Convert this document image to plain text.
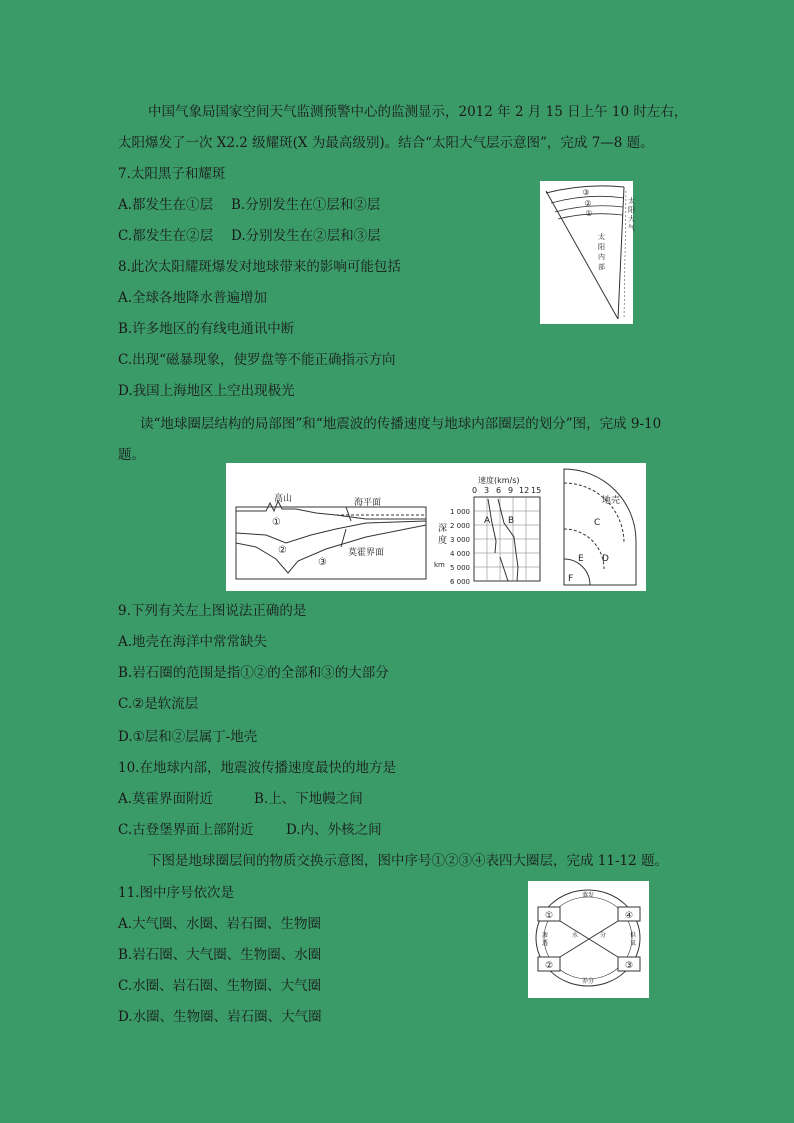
中国气象局国家空间天气监测预警中心的监测显示，2012 年 2 月 15 日上午 10 时左右，
太阳爆发了一次 X2.2 级耀斑(X 为最高级别)。结合“太阳大气层示意图”，完成 7—8 题。
7.太阳黑子和耀斑
A.都发生在①层 B.分别发生在①层和②层
C.都发生在②层 D.分别发生在②层和③层
8.此次太阳耀斑爆发对地球带来的影响可能包括
A.全球各地降水普遍增加
B.许多地区的有线电通讯中断
C.出现“磁暴现象，使罗盘等不能正确指示方向
D.我国上海地区上空出现极光
③
②
①
太
阳
大
气
太
阳
内
部
读“地球圈层结构的局部图”和“地震波的传播速度与地球内部圈层的划分”图，完成 9-10
题。
高山	海平面
莫霍界面
①
②
③
速度(km/s)
0 3 6 9 12 15
1 000
2 000
3 000
4 000
5 000
6 000
深
度
km
A B
地壳
C
D
E
F
9.下列有关左上图说法正确的是
A.地壳在海洋中常常缺失
B.岩石圈的范围是指①②的全部和③的大部分
C.②是软流层
D.①层和②层属丁-地壳
10.在地球内部，地震波传播速度最快的地方是
A.莫霍界面附近	B.上、下地幔之间
C.古登堡界面上部附近 D.内、外核之间
下图是地球圈层间的物质交换示意图，图中序号①②③④表四大圈层，完成 11-12 题。
11.图中序号依次是
A.大气圈、水圈、岩石圈、生物圈
B.岩石圈、大气圈、生物圈、水圈
C.水圈、岩石圈、生物圈、大气圈
D.水圈、生物圈、岩石圈、大气圈
①	④
②	③
蒸发
养分
渗
透
供
氧
水	分
